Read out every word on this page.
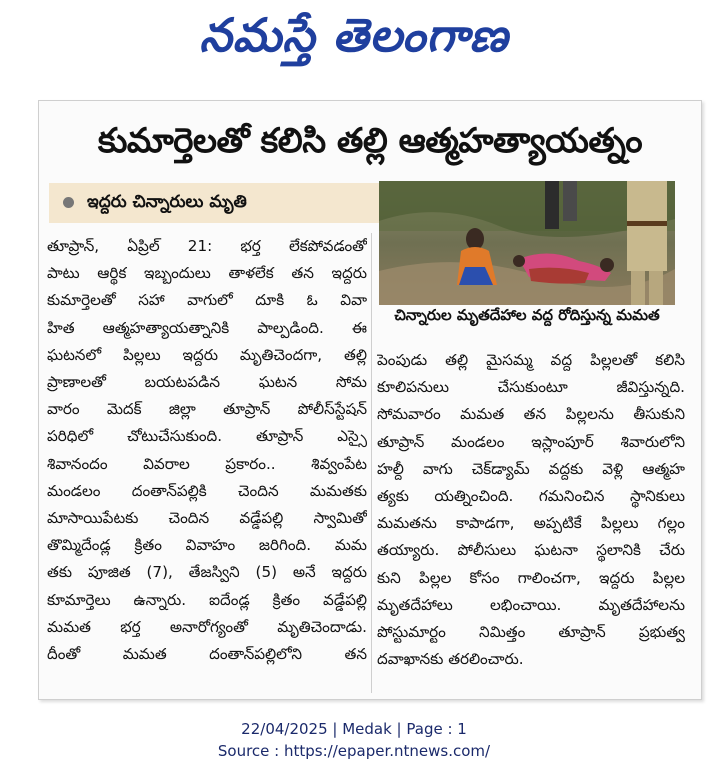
నమస్తే తెలంగాణ
కుమార్తెలతో కలిసి తల్లి ఆత్మహత్యాయత్నం
ఇద్దరు చిన్నారులు మృతి
చిన్నారుల మృతదేహాల వద్ద రోదిస్తున్న మమత
తూప్రాన్, ఏప్రిల్ 21: భర్త లేకపోవడంతో
పాటు ఆర్థిక ఇబ్బందులు తాళలేక తన ఇద్దరు
కుమార్తెలతో సహా వాగులో దూకి ఓ వివా
హిత ఆత్మహత్యాయత్నానికి పాల్పడింది. ఈ
ఘటనలో పిల్లలు ఇద్దరు మృతిచెందగా, తల్లి
ప్రాణాలతో బయటపడిన ఘటన సోమ
వారం మెదక్ జిల్లా తూప్రాన్ పోలీస్‌స్టేషన్
పరిధిలో చోటుచేసుకుంది. తూప్రాన్ ఎస్సై
శివానందం వివరాల ప్రకారం.. శివ్వంపేట
మండలం దంతాన్‌పల్లికి చెందిన మమతకు
మాసాయిపేటకు చెందిన వడ్డేపల్లి స్వామితో
తొమ్మిదేండ్ల క్రితం వివాహం జరిగింది. మమ
తకు పూజిత (7), తేజస్విని (5) అనే ఇద్దరు
కూమార్తెలు ఉన్నారు. ఐదేండ్ల క్రితం వడ్డేపల్లి
మమత భర్త అనారోగ్యంతో మృతిచెందాడు.
దీంతో మమత దంతాన్‌పల్లిలోని తన
పెంపుడు తల్లి మైసమ్మ వద్ద పిల్లలతో కలిసి
కూలిపనులు చేసుకుంటూ జీవిస్తున్నది.
సోమవారం మమత తన పిల్లలను తీసుకుని
తూప్రాన్ మండలం ఇస్లాంపూర్ శివారులోని
హల్దీ వాగు చెక్‌డ్యామ్ వద్దకు వెళ్లి ఆత్మహ
త్యకు యత్నించింది. గమనించిన స్థానికులు
మమతను కాపాడగా, అప్పటికే పిల్లలు గల్లం
తయ్యారు. పోలీసులు ఘటనా స్థలానికి చేరు
కుని పిల్లల కోసం గాలించగా, ఇద్దరు పిల్లల
మృతదేహాలు లభించాయి. మృతదేహాలను
పోస్టుమార్టం నిమిత్తం తూప్రాన్ ప్రభుత్వ
దవాఖానకు తరలించారు.
22/04/2025 | Medak | Page : 1
Source : https://epaper.ntnews.com/
